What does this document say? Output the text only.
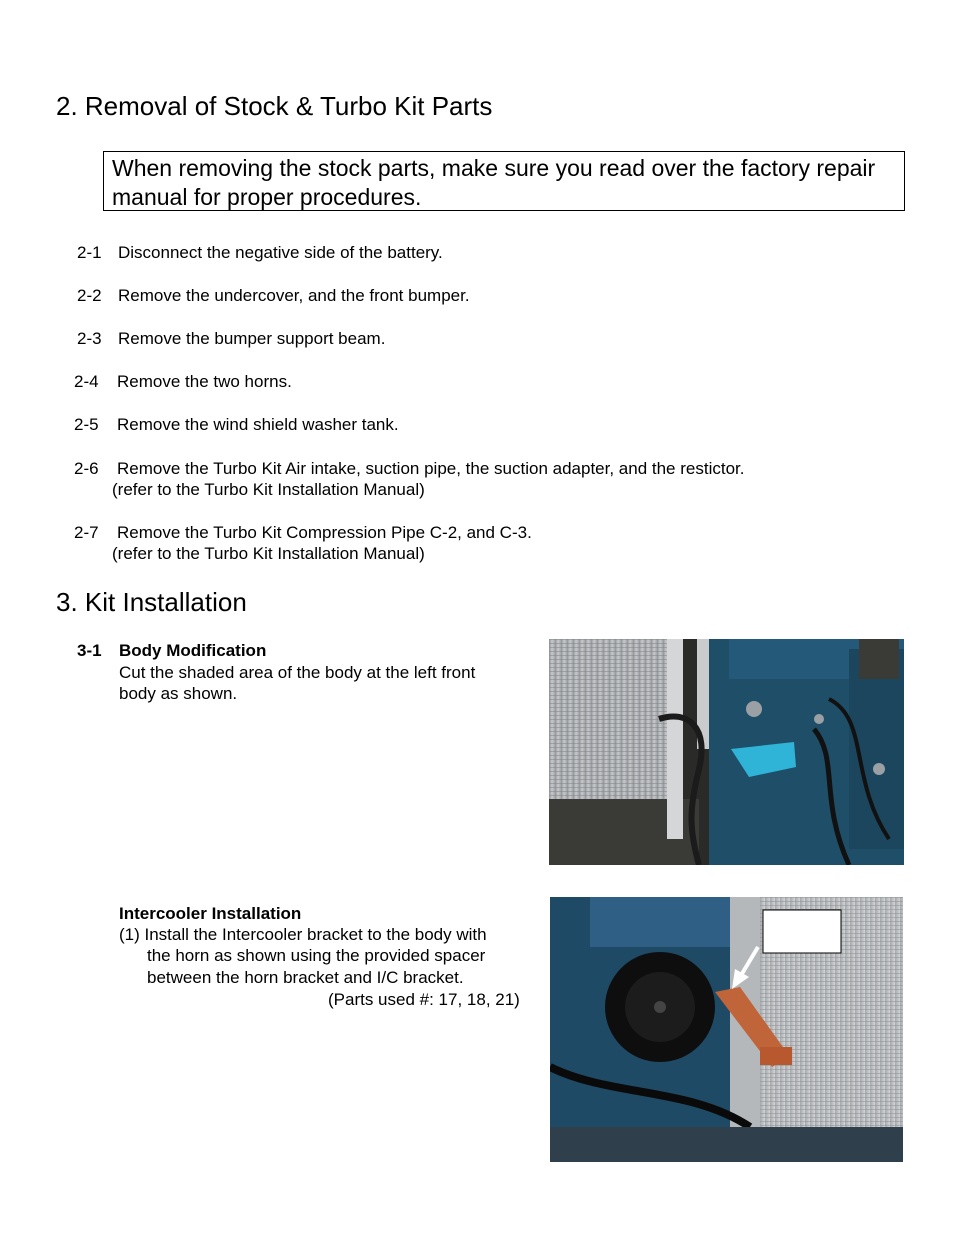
2. Removal of Stock & Turbo Kit Parts
When removing the stock parts, make sure you read over the factory repair manual for proper procedures.
2-1 Disconnect the negative side of the battery.
2-2 Remove the undercover, and the front bumper.
2-3 Remove the bumper support beam.
2-4 Remove the two horns.
2-5 Remove the wind shield washer tank.
2-6 Remove the Turbo Kit Air intake, suction pipe, the suction adapter, and the restictor.
(refer to the Turbo Kit Installation Manual)
2-7 Remove the Turbo Kit Compression Pipe C-2, and C-3.
(refer to the Turbo Kit Installation Manual)
3. Kit Installation
3-1 Body Modification
Cut the shaded area of the body at the left front
body as shown.
Intercooler Installation
(1) Install the Intercooler bracket to the body with
the horn as shown using the provided spacer
between the horn bracket and I/C bracket.
(Parts used #: 17, 18, 21)
